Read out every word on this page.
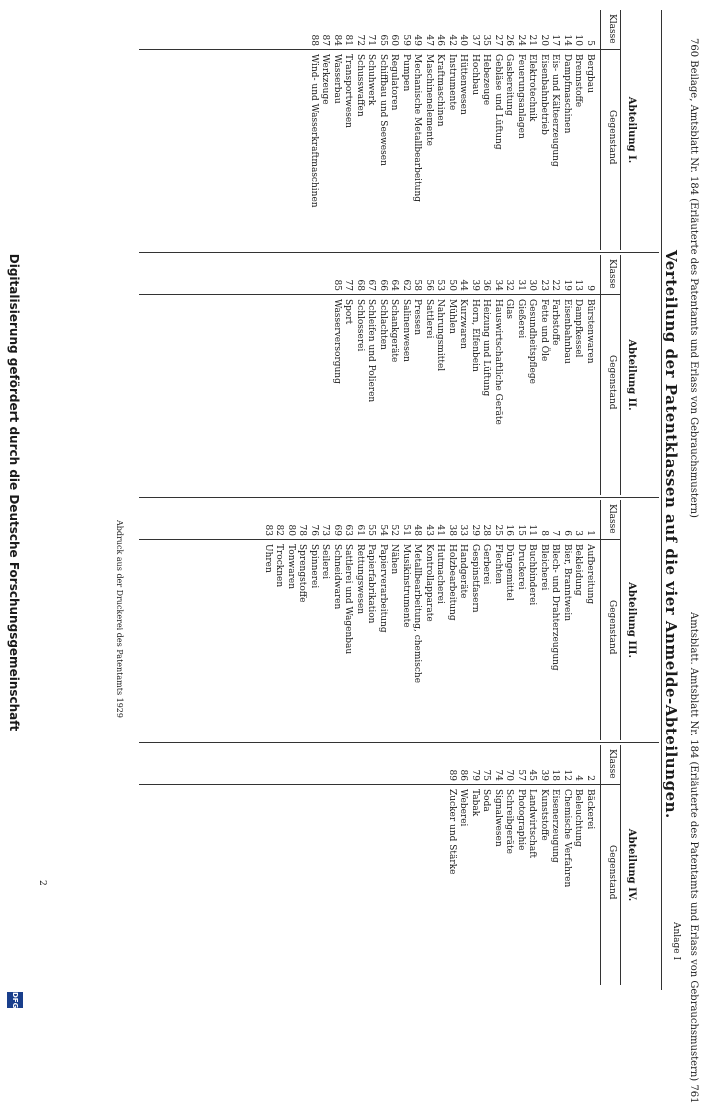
760 Beilage, Amtsblatt Nr. 184 (Erläuterte des Patentamts und Erlass von Gebrauchsmustern)
Amtsblatt. Amtsblatt Nr. 184 (Erläuterte des Patentamts und Erlass von Gebrauchsmustern) 761
Anlage I
Verteilung der Patentklassen auf die vier Anmelde-Abteilungen.
Abteilung I.
Klasse
Gegenstand
5
Bergbau
10
Brennstoffe
14
Dampfmaschinen
17
Eis- und Kälteerzeugung
20
Eisenbahnbetrieb
21
Elektrotechnik
24
Feuerungsanlagen
26
Gasbereitung
27
Gebläse und Lüftung
35
Hebezeuge
37
Hochbau
40
Hüttenwesen
42
Instrumente
46
Kraftmaschinen
47
Maschinenelemente
49
Mechanische Metallbearbeitung
59
Pumpen
60
Regulatoren
65
Schiffbau und Seewesen
71
Schuhwerk
72
Schusswaffen
81
Transportwesen
84
Wasserbau
87
Werkzeuge
88
Wind- und Wasserkraftmaschinen
Abteilung II.
Klasse
Gegenstand
9
Bürstenwaren
13
Dampfkessel
19
Eisenbahnbau
22
Farbstoffe
23
Fette und Öle
30
Gesundheitspflege
31
Gießerei
32
Glas
34
Hauswirtschaftliche Geräte
36
Heizung und Lüftung
39
Horn, Elfenbein
44
Kurzwaren
50
Mühlen
53
Nahrungsmittel
56
Sattlerei
58
Pressen
62
Salinenwesen
64
Schankgeräte
66
Schlachten
67
Schleifen und Polieren
68
Schlosserei
77
Sport
85
Wasserversorgung
Abteilung III.
Klasse
Gegenstand
1
Aufbereitung
3
Bekleidung
6
Bier, Branntwein
7
Blech- und Drahterzeugung
8
Bleicherei
11
Buchbinderei
15
Druckerei
16
Düngemittel
25
Flechten
28
Gerberei
29
Gespinstfasern
33
Handgeräte
38
Holzbearbeitung
41
Hutmacherei
43
Kontrollapparate
48
Metallbearbeitung, chemische
51
Musikinstrumente
52
Nähen
54
Papierverarbeitung
55
Papierfabrikation
61
Rettungswesen
63
Sattlerei und Wagenbau
69
Schneidwaren
73
Seilerei
76
Spinnerei
78
Sprengstoffe
80
Tonwaren
82
Trocknen
83
Uhren
Abteilung IV.
Klasse
Gegenstand
2
Bäckerei
4
Beleuchtung
12
Chemische Verfahren
18
Eisenerzeugung
39
Kunststoffe
45
Landwirtschaft
57
Photographie
70
Schreibgeräte
74
Signalwesen
75
Soda
79
Tabak
86
Weberei
89
Zucker und Stärke
Abdruck aus der Druckerei des Patentamts 1929
2
Digitalisierung gefördert durch die Deutsche Forschungsgemeinschaft
DFG
